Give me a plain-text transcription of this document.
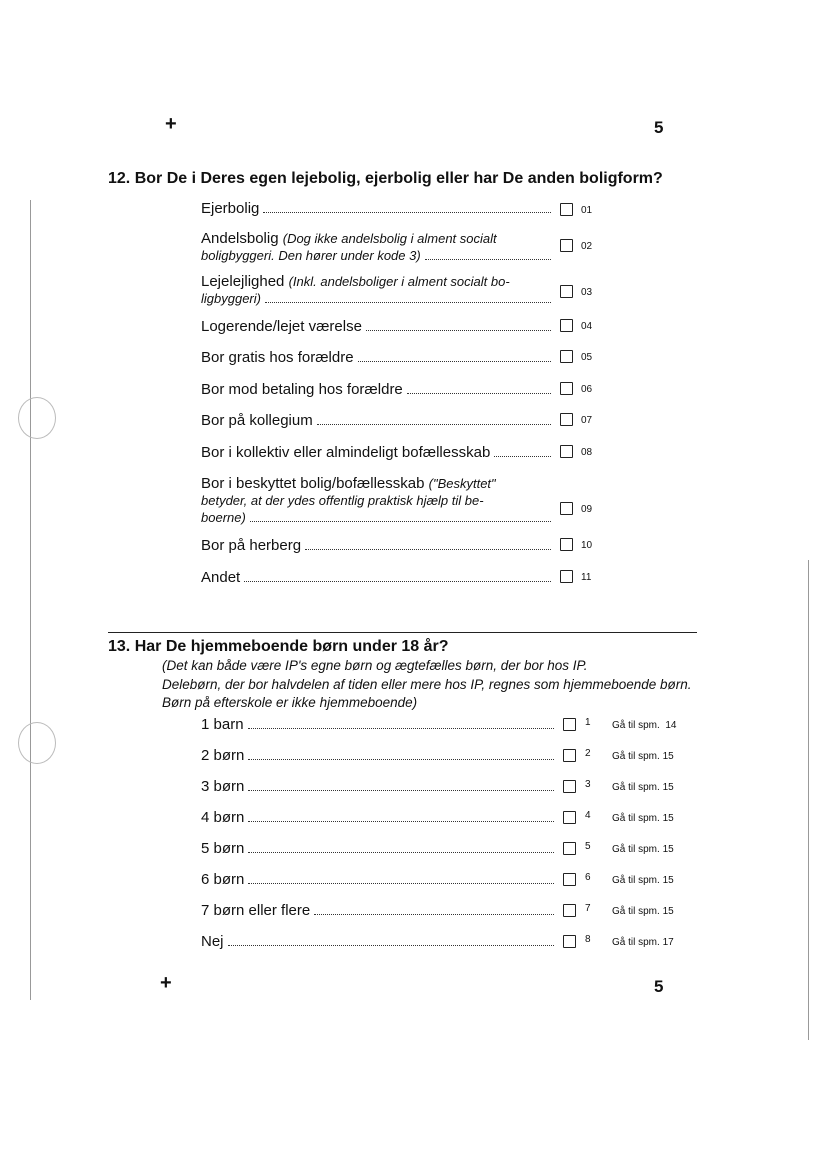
+	5
12. Bor De i Deres egen lejebolig, ejerbolig eller har De anden boligform?
Ejerbolig	01
Andelsbolig (Dog ikke andelsbolig i alment socialt
boligbyggeri. Den hører under kode 3)
02
Lejelejlighed (Inkl. andelsboliger i alment socialt bo-
ligbyggeri)	03
Logerende/lejet værelse	04
Bor gratis hos forældre	05
Bor mod betaling hos forældre	06
Bor på kollegium	07
Bor i kollektiv eller almindeligt bofællesskab	08
Bor i beskyttet bolig/bofællesskab ("Beskyttet"
betyder, at der ydes offentlig praktisk hjælp til be-
boerne)
09
Bor på herberg	10
Andet	11
13. Har De hjemmeboende børn under 18 år?
(Det kan både være IP's egne børn og ægtefælles børn, der bor hos IP.
Delebørn, der bor halvdelen af tiden eller mere hos IP, regnes som hjemmeboende børn.
Børn på efterskole er ikke hjemmeboende)
1 barn	1 Gå til spm.  14
2 børn	2 Gå til spm. 15
3 børn	3 Gå til spm. 15
4 børn	4 Gå til spm. 15
5 børn	5 Gå til spm. 15
6 børn	6 Gå til spm. 15
7 børn eller flere	7 Gå til spm. 15
Nej	8 Gå til spm. 17
+	5
